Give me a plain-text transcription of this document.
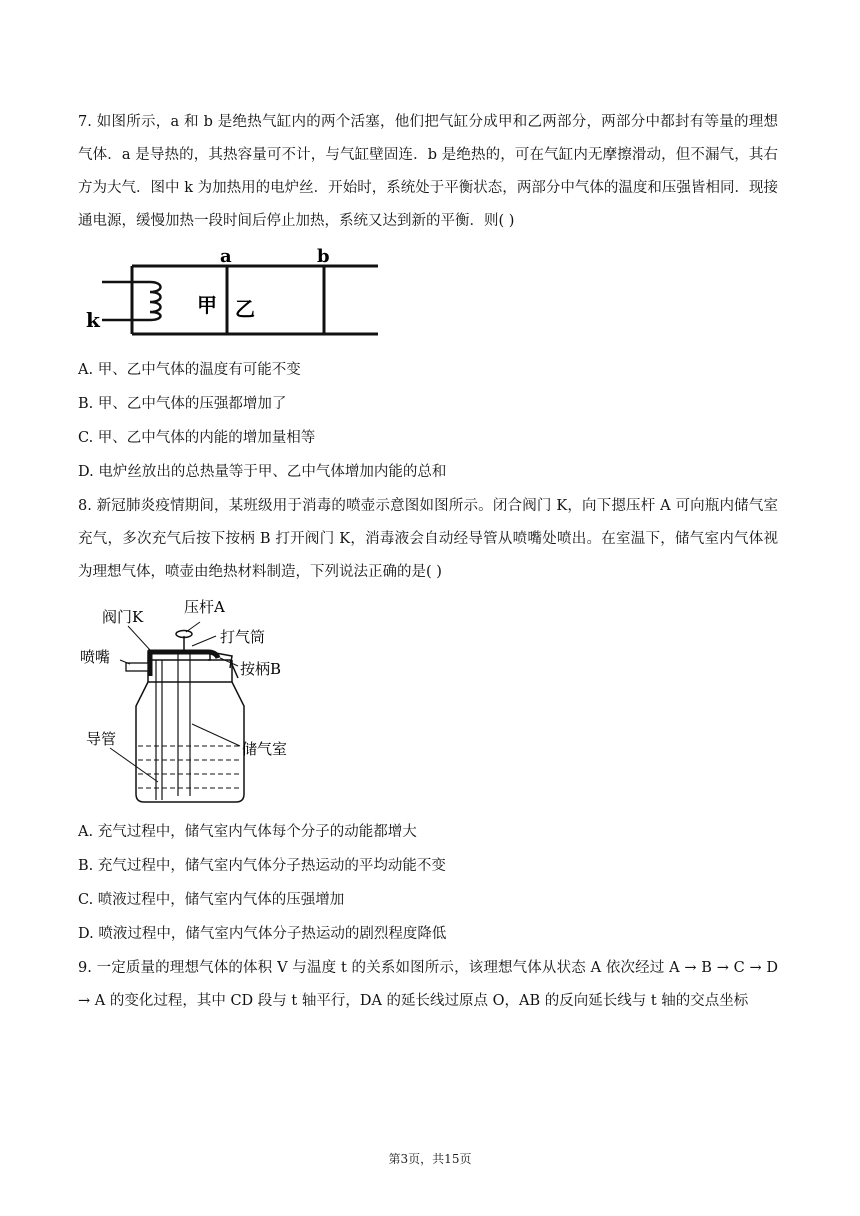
7. 如图所示，a 和 b 是绝热气缸内的两个活塞，他们把气缸分成甲和乙两部分，两部分中都封有等量的理想气体．a 是导热的，其热容量可不计，与气缸壁固连．b 是绝热的，可在气缸内无摩擦滑动，但不漏气，其右方为大气．图中 k 为加热用的电炉丝．开始时，系统处于平衡状态，两部分中气体的温度和压强皆相同．现接通电源，缓慢加热一段时间后停止加热，系统又达到新的平衡．则( )

a	b
k
甲 乙

A. 甲、乙中气体的温度有可能不变

B. 甲、乙中气体的压强都增加了

C. 甲、乙中气体的内能的增加量相等

D. 电炉丝放出的总热量等于甲、乙中气体增加内能的总和

8. 新冠肺炎疫情期间，某班级用于消毒的喷壶示意图如图所示。闭合阀门 K，向下摁压杆 A 可向瓶内储气室充气，多次充气后按下按柄 B 打开阀门 K，消毒液会自动经导管从喷嘴处喷出。在室温下，储气室内气体视为理想气体，喷壶由绝热材料制造，下列说法正确的是( )

阀门K
压杆A
打气筒
喷嘴
按柄B
导管
储气室

A. 充气过程中，储气室内气体每个分子的动能都增大

B. 充气过程中，储气室内气体分子热运动的平均动能不变

C. 喷液过程中，储气室内气体的压强增加

D. 喷液过程中，储气室内气体分子热运动的剧烈程度降低

9. 一定质量的理想气体的体积 V 与温度 t 的关系如图所示，该理想气体从状态 A 依次经过 A → B → C → D → A 的变化过程，其中 CD 段与 t 轴平行，DA 的延长线过原点 O，AB 的反向延长线与 t 轴的交点坐标

第3页，共15页
